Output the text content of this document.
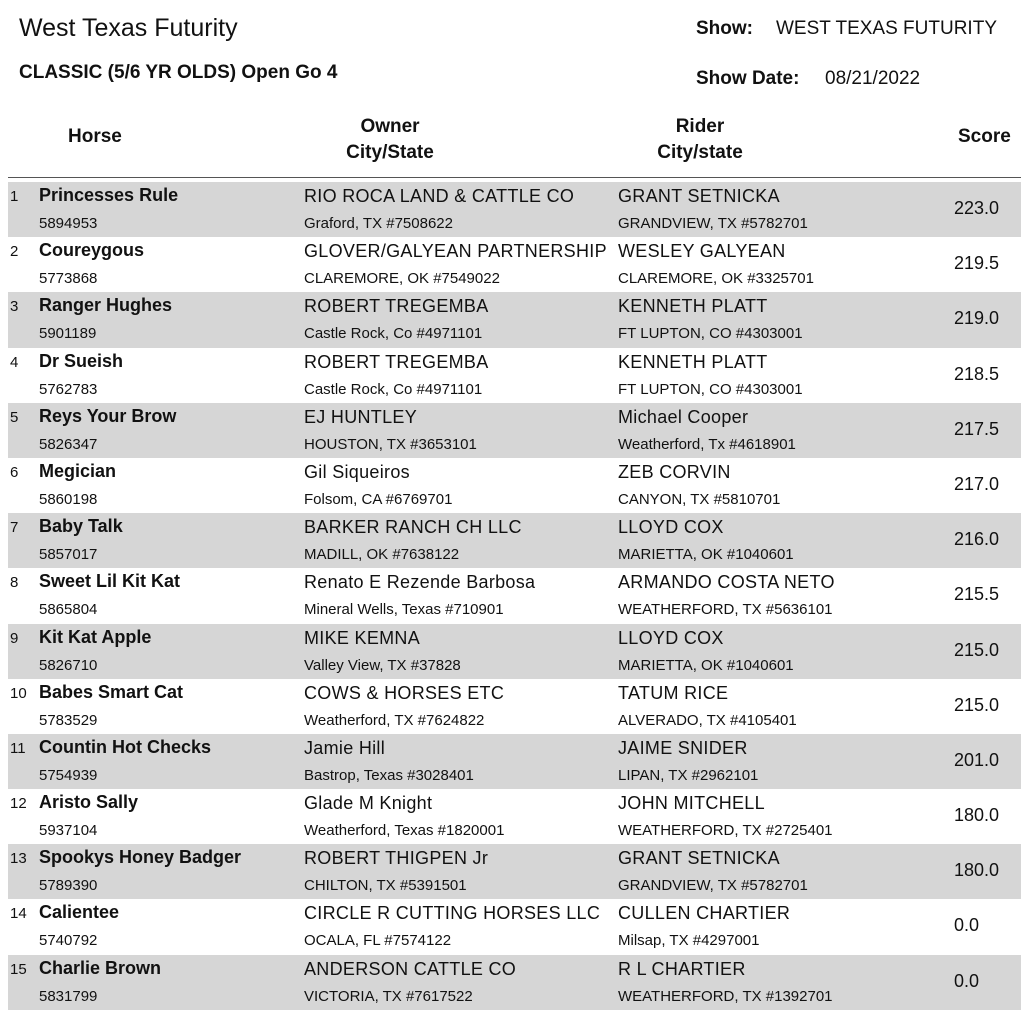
West Texas Futurity
CLASSIC (5/6 YR OLDS) Open Go 4
Show: WEST TEXAS FUTURITY
Show Date: 08/21/2022
Horse	Owner
City/State
Rider
City/state
Score
1 Princesses Rule
5894953
RIO ROCA LAND & CATTLE CO
Graford, TX #7508622
GRANT SETNICKA
GRANDVIEW, TX #5782701
223.0
2 Coureygous
5773868
GLOVER/GALYEAN PARTNERSHIP
CLAREMORE, OK #7549022
WESLEY GALYEAN
CLAREMORE, OK #3325701
219.5
3 Ranger Hughes
5901189
ROBERT TREGEMBA
Castle Rock, Co #4971101
KENNETH PLATT
FT LUPTON, CO #4303001
219.0
4 Dr Sueish
5762783
ROBERT TREGEMBA
Castle Rock, Co #4971101
KENNETH PLATT
FT LUPTON, CO #4303001
218.5
5 Reys Your Brow
5826347
EJ HUNTLEY
HOUSTON, TX #3653101
Michael Cooper
Weatherford, Tx #4618901
217.5
6 Megician
5860198
Gil Siqueiros
Folsom, CA #6769701
ZEB CORVIN
CANYON, TX #5810701
217.0
7 Baby Talk
5857017
BARKER RANCH CH LLC
MADILL, OK #7638122
LLOYD COX
MARIETTA, OK #1040601
216.0
8 Sweet Lil Kit Kat
5865804
Renato E Rezende Barbosa
Mineral Wells, Texas #710901
ARMANDO COSTA NETO
WEATHERFORD, TX #5636101
215.5
9 Kit Kat Apple
5826710
MIKE KEMNA
Valley View, TX #37828
LLOYD COX
MARIETTA, OK #1040601
215.0
10 Babes Smart Cat
5783529
COWS & HORSES ETC
Weatherford, TX #7624822
TATUM RICE
ALVERADO, TX #4105401
215.0
11 Countin Hot Checks
5754939
Jamie Hill
Bastrop, Texas #3028401
JAIME SNIDER
LIPAN, TX #2962101
201.0
12 Aristo Sally
5937104
Glade M Knight
Weatherford, Texas #1820001
JOHN MITCHELL
WEATHERFORD, TX #2725401
180.0
13 Spookys Honey Badger
5789390
ROBERT THIGPEN Jr
CHILTON, TX #5391501
GRANT SETNICKA
GRANDVIEW, TX #5782701
180.0
14 Calientee
5740792
CIRCLE R CUTTING HORSES LLC
OCALA, FL #7574122
CULLEN CHARTIER
Milsap, TX #4297001
0.0
15 Charlie Brown
5831799
ANDERSON CATTLE CO
VICTORIA, TX #7617522
R L CHARTIER
WEATHERFORD, TX #1392701
0.0
